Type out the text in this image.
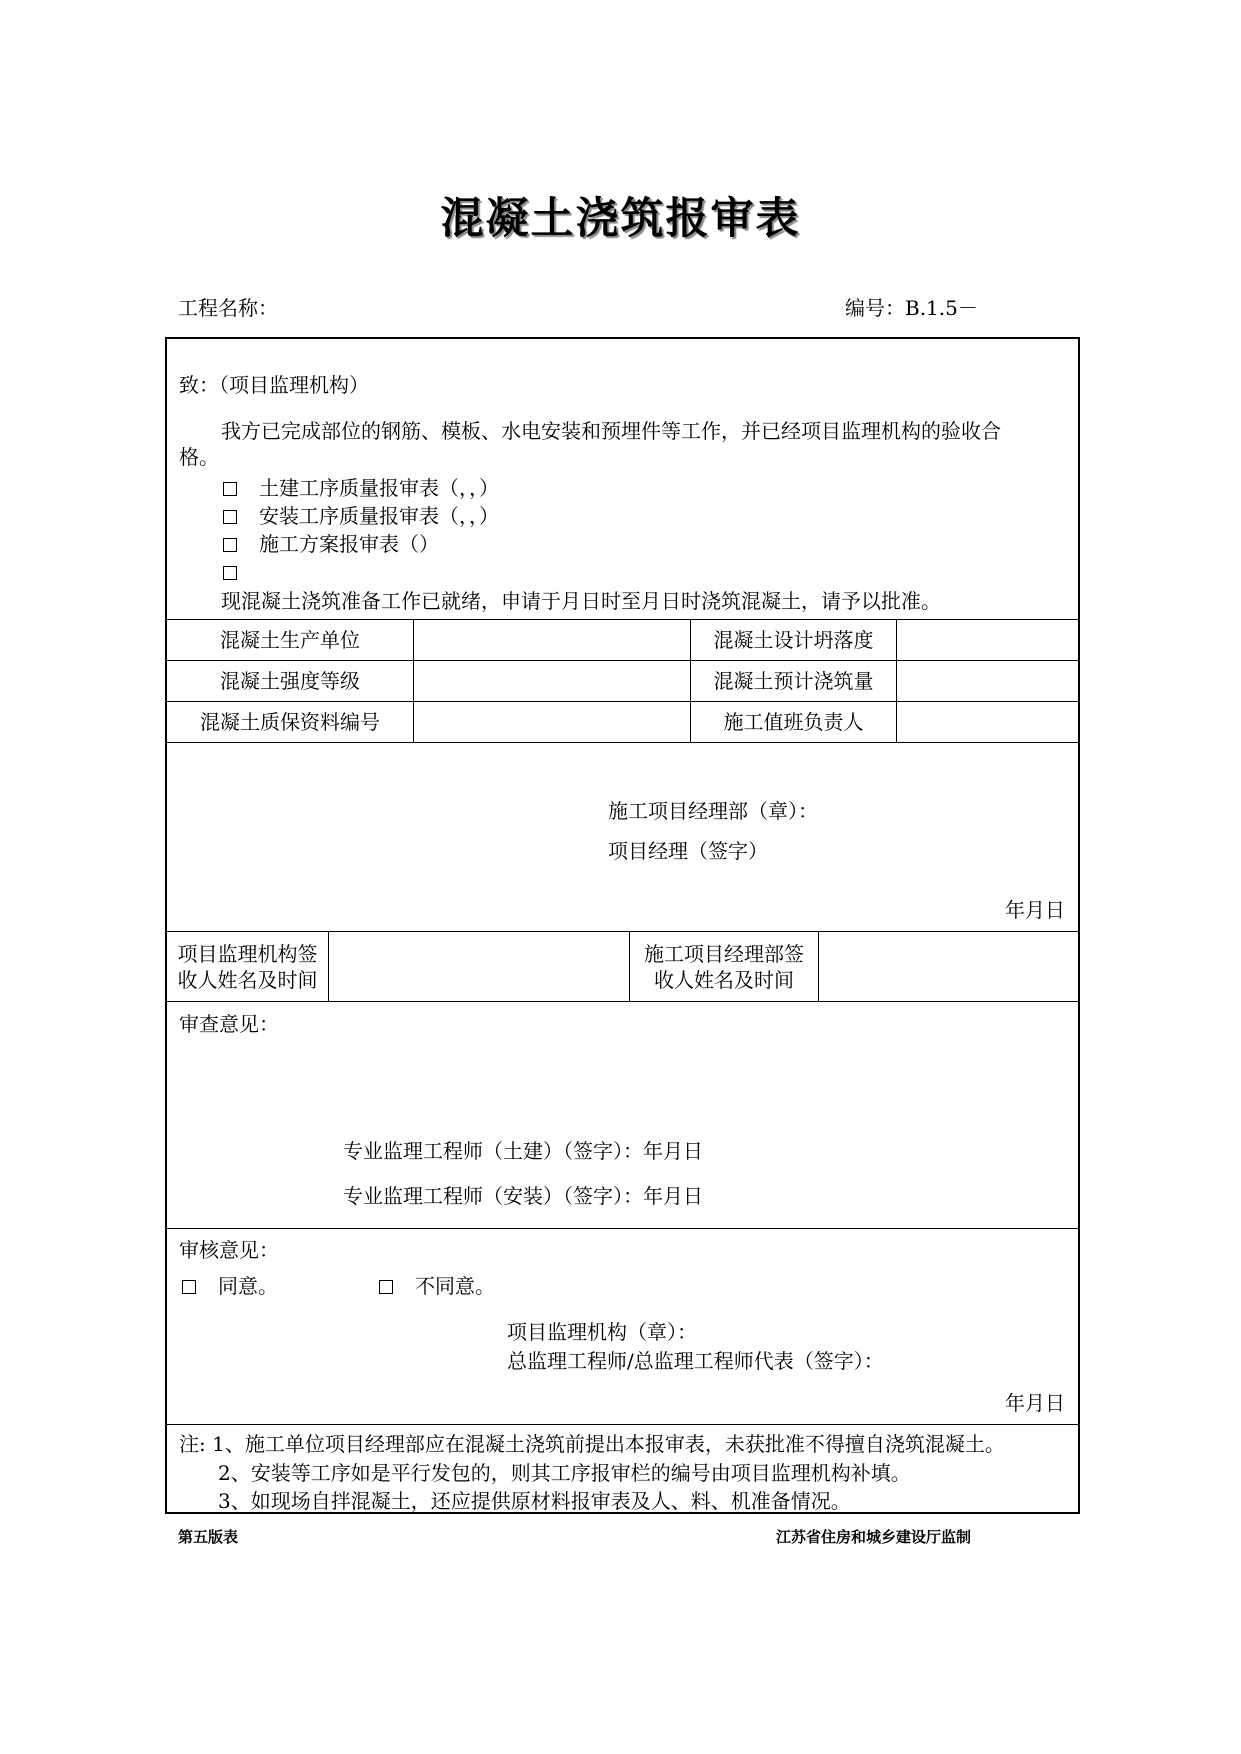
混凝土浇筑报审表
工程名称：	编号：B.1.5－
致：（项目监理机构）
我方已完成部位的钢筋、模板、水电安装和预埋件等工作，并已经项目监理机构的验收合
格。
土建工序质量报审表（，，）
安装工序质量报审表（，，）
施工方案报审表（）
现混凝土浇筑准备工作已就绪，申请于月日时至月日时浇筑混凝土，请予以批准。
混凝土生产单位	混凝土设计坍落度
混凝土强度等级	混凝土预计浇筑量
混凝土质保资料编号	施工值班负责人
施工项目经理部（章）：
项目经理（签字）
年月日
项目监理机构签
收人姓名及时间
施工项目经理部签
收人姓名及时间
审查意见：
专业监理工程师（土建）（签字）：年月日
专业监理工程师（安装）（签字）：年月日
审核意见：
同意。	不同意。
项目监理机构（章）：
总监理工程师/总监理工程师代表（签字）：
年月日
注: 1、施工单位项目经理部应在混凝土浇筑前提出本报审表，未获批准不得擅自浇筑混凝土。
2、安装等工序如是平行发包的，则其工序报审栏的编号由项目监理机构补填。
3、如现场自拌混凝土，还应提供原材料报审表及人、料、机准备情况。
第五版表	江苏省住房和城乡建设厅监制
